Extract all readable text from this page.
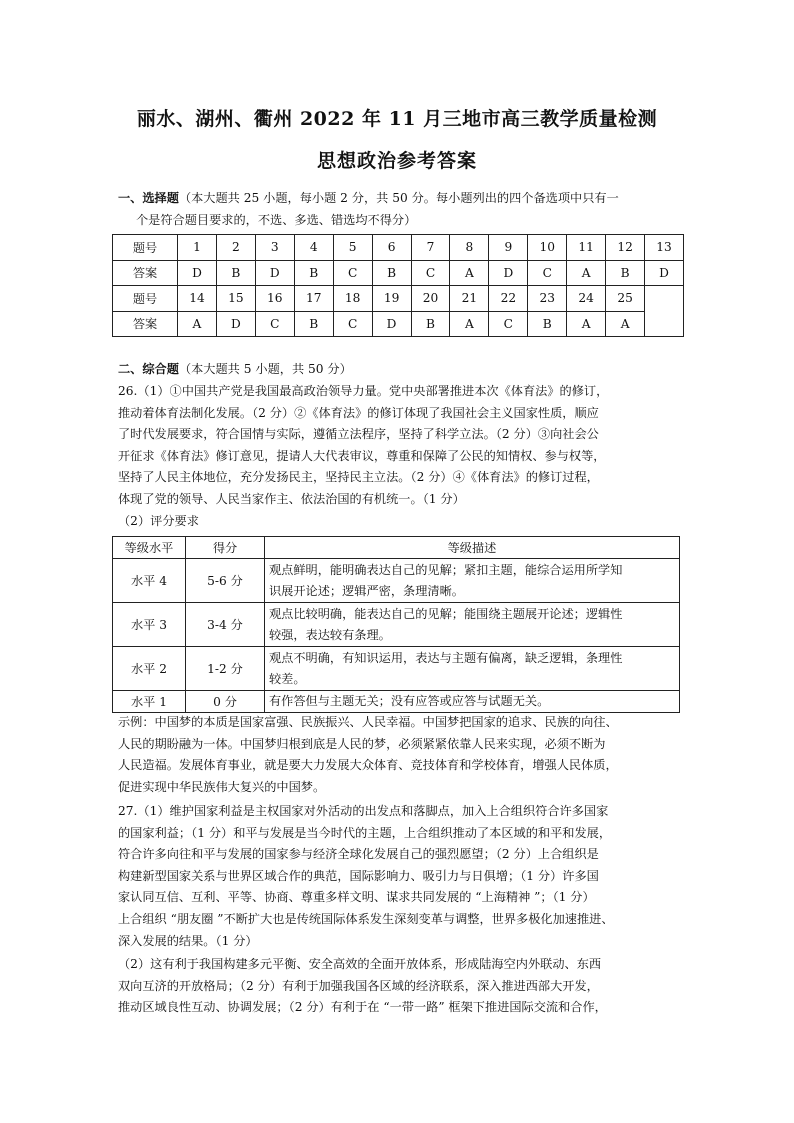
丽水、湖州、衢州 2022 年 11 月三地市高三教学质量检测
思想政治参考答案
一、选择题（本大题共 25 小题，每小题 2 分，共 50 分。每小题列出的四个备选项中只有一
个是符合题目要求的，不选、多选、错选均不得分）
题号	1	2	3	4	5	6	7	8	9	10	11	12	13
答案	D	B	D	B	C	B	C	A	D	C	A	B	D
题号	14	15	16	17	18	19	20	21	22	23	24	25	
答案	A	D	C	B	C	D	B	A	C	B	A	A	
二、综合题（本大题共 5 小题，共 50 分）
26.（1）①中国共产党是我国最高政治领导力量。党中央部署推进本次《体育法》的修订，
推动着体育法制化发展。（2 分）②《体育法》的修订体现了我国社会主义国家性质，顺应
了时代发展要求，符合国情与实际，遵循立法程序，坚持了科学立法。（2 分）③向社会公
开征求《体育法》修订意见，提请人大代表审议，尊重和保障了公民的知情权、参与权等，
坚持了人民主体地位，充分发扬民主，坚持民主立法。（2 分）④《体育法》的修订过程，
体现了党的领导、人民当家作主、依法治国的有机统一。（1 分）
（2）评分要求
等级水平	得分	等级描述
水平 4	5-6 分	观点鲜明，能明确表达自己的见解；紧扣主题，能综合运用所学知
识展开论述；逻辑严密，条理清晰。

水平 3	3-4 分	观点比较明确，能表达自己的见解；能围绕主题展开论述；逻辑性
较强，表达较有条理。

水平 2	1-2 分	观点不明确，有知识运用，表达与主题有偏离，缺乏逻辑，条理性
较差。

水平 1	0 分	有作答但与主题无关；没有应答或应答与试题无关。
示例：中国梦的本质是国家富强、民族振兴、人民幸福。中国梦把国家的追求、民族的向往、
人民的期盼融为一体。中国梦归根到底是人民的梦，必须紧紧依靠人民来实现，必须不断为
人民造福。发展体育事业，就是要大力发展大众体育、竞技体育和学校体育，增强人民体质，
促进实现中华民族伟大复兴的中国梦。
27.（1）维护国家利益是主权国家对外活动的出发点和落脚点，加入上合组织符合许多国家
的国家利益；（1 分）和平与发展是当今时代的主题，上合组织推动了本区域的和平和发展，
符合许多向往和平与发展的国家参与经济全球化发展自己的强烈愿望；（2 分）上合组织是
构建新型国家关系与世界区域合作的典范，国际影响力、吸引力与日俱增；（1 分）许多国
家认同互信、互利、平等、协商、尊重多样文明、谋求共同发展的 “上海精神 ”；（1 分）
上合组织 “朋友圈 ”不断扩大也是传统国际体系发生深刻变革与调整，世界多极化加速推进、
深入发展的结果。（1 分）
（2）这有利于我国构建多元平衡、安全高效的全面开放体系，形成陆海空内外联动、东西
双向互济的开放格局；（2 分）有利于加强我国各区域的经济联系，深入推进西部大开发，
推动区域良性互动、协调发展；（2 分）有利于在 “一带一路” 框架下推进国际交流和合作，
